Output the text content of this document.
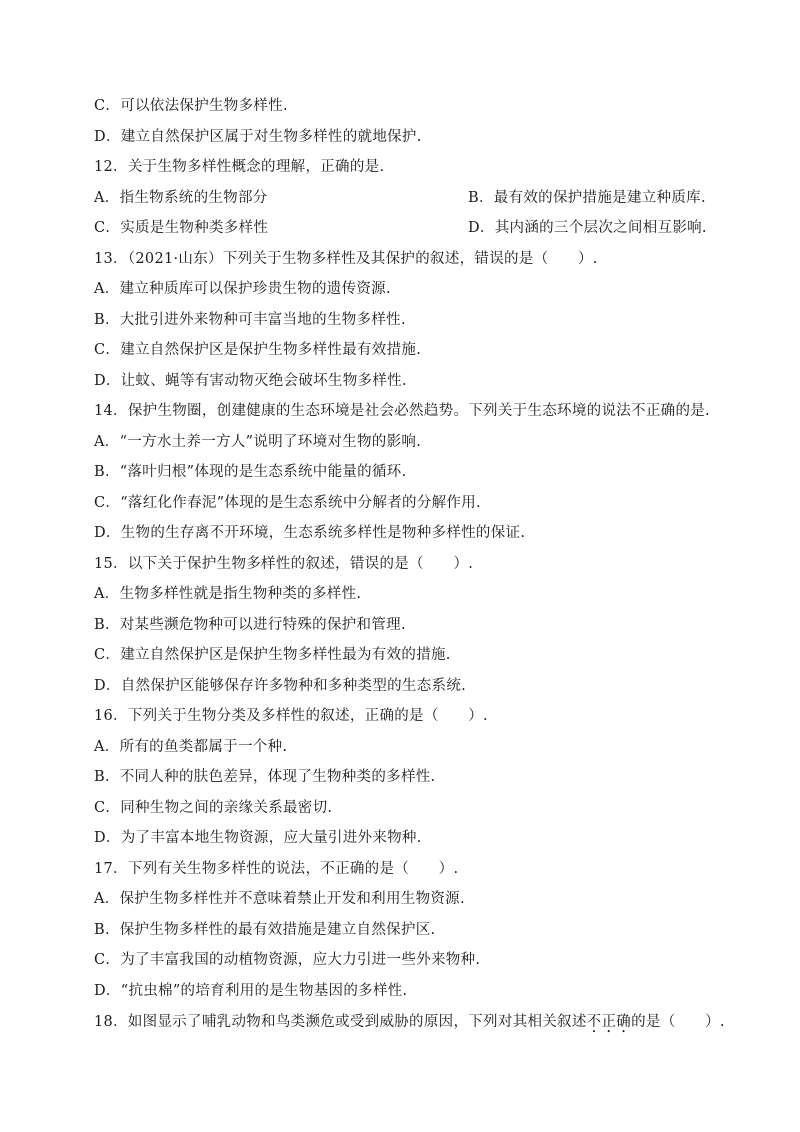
C．可以依法保护生物多样性.
D．建立自然保护区属于对生物多样性的就地保护.
12．关于生物多样性概念的理解，正确的是.
A．指生物系统的生物部分	B．最有效的保护措施是建立种质库.
C．实质是生物种类多样性	D．其内涵的三个层次之间相互影响.
13．（2021·山东）下列关于生物多样性及其保护的叙述，错误的是（　　）.
A．建立种质库可以保护珍贵生物的遗传资源.
B．大批引进外来物种可丰富当地的生物多样性.
C．建立自然保护区是保护生物多样性最有效措施.
D．让蚊、蝇等有害动物灭绝会破坏生物多样性.
14．保护生物圈，创建健康的生态环境是社会必然趋势。下列关于生态环境的说法不正确的是.
A．“一方水土养一方人”说明了环境对生物的影响.
B．“落叶归根”体现的是生态系统中能量的循环.
C．“落红化作春泥”体现的是生态系统中分解者的分解作用.
D．生物的生存离不开环境，生态系统多样性是物种多样性的保证.
15．以下关于保护生物多样性的叙述，错误的是（　　）.
A．生物多样性就是指生物种类的多样性.
B．对某些濒危物种可以进行特殊的保护和管理.
C．建立自然保护区是保护生物多样性最为有效的措施.
D．自然保护区能够保存许多物种和多种类型的生态系统.
16．下列关于生物分类及多样性的叙述，正确的是（　　）.
A．所有的鱼类都属于一个种.
B．不同人种的肤色差异，体现了生物种类的多样性.
C．同种生物之间的亲缘关系最密切.
D．为了丰富本地生物资源，应大量引进外来物种.
17．下列有关生物多样性的说法，不正确的是（　　）.
A．保护生物多样性并不意味着禁止开发和利用生物资源.
B．保护生物多样性的最有效措施是建立自然保护区.
C．为了丰富我国的动植物资源，应大力引进一些外来物种.
D．“抗虫棉”的培育利用的是生物基因的多样性.
18．如图显示了哺乳动物和鸟类濒危或受到威胁的原因，下列对其相关叙述不正确的是（　　）.
